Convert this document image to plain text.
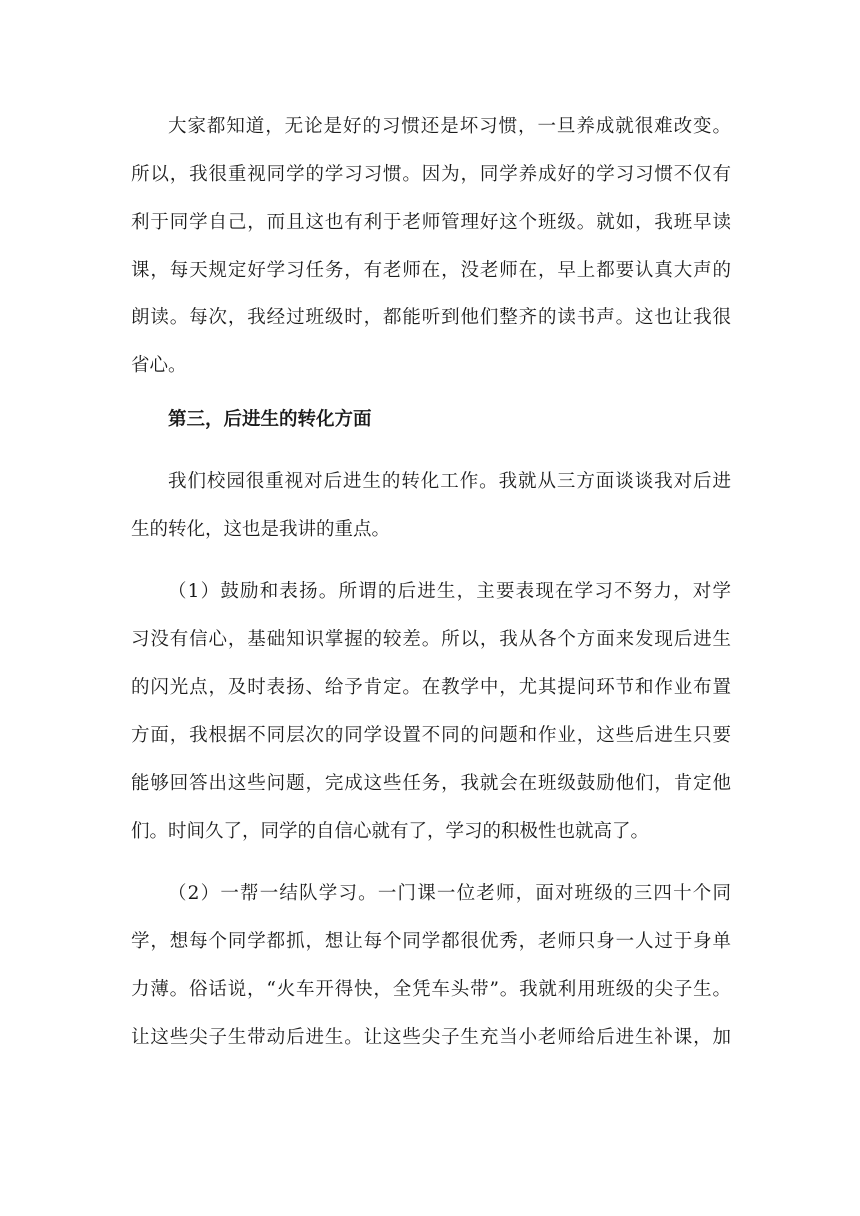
大家都知道，无论是好的习惯还是坏习惯，一旦养成就很难改变。
所以，我很重视同学的学习习惯。因为，同学养成好的学习习惯不仅有
利于同学自己，而且这也有利于老师管理好这个班级。就如，我班早读
课，每天规定好学习任务，有老师在，没老师在，早上都要认真大声的
朗读。每次，我经过班级时，都能听到他们整齐的读书声。这也让我很
省心。
第三，后进生的转化方面
我们校园很重视对后进生的转化工作。我就从三方面谈谈我对后进
生的转化，这也是我讲的重点。
（1）鼓励和表扬。所谓的后进生，主要表现在学习不努力，对学
习没有信心，基础知识掌握的较差。所以，我从各个方面来发现后进生
的闪光点，及时表扬、给予肯定。在教学中，尤其提问环节和作业布置
方面，我根据不同层次的同学设置不同的问题和作业，这些后进生只要
能够回答出这些问题，完成这些任务，我就会在班级鼓励他们，肯定他
们。时间久了，同学的自信心就有了，学习的积极性也就高了。
（2）一帮一结队学习。一门课一位老师，面对班级的三四十个同
学，想每个同学都抓，想让每个同学都很优秀，老师只身一人过于身单
力薄。俗话说，“火车开得快，全凭车头带”。我就利用班级的尖子生。
让这些尖子生带动后进生。让这些尖子生充当小老师给后进生补课，加
